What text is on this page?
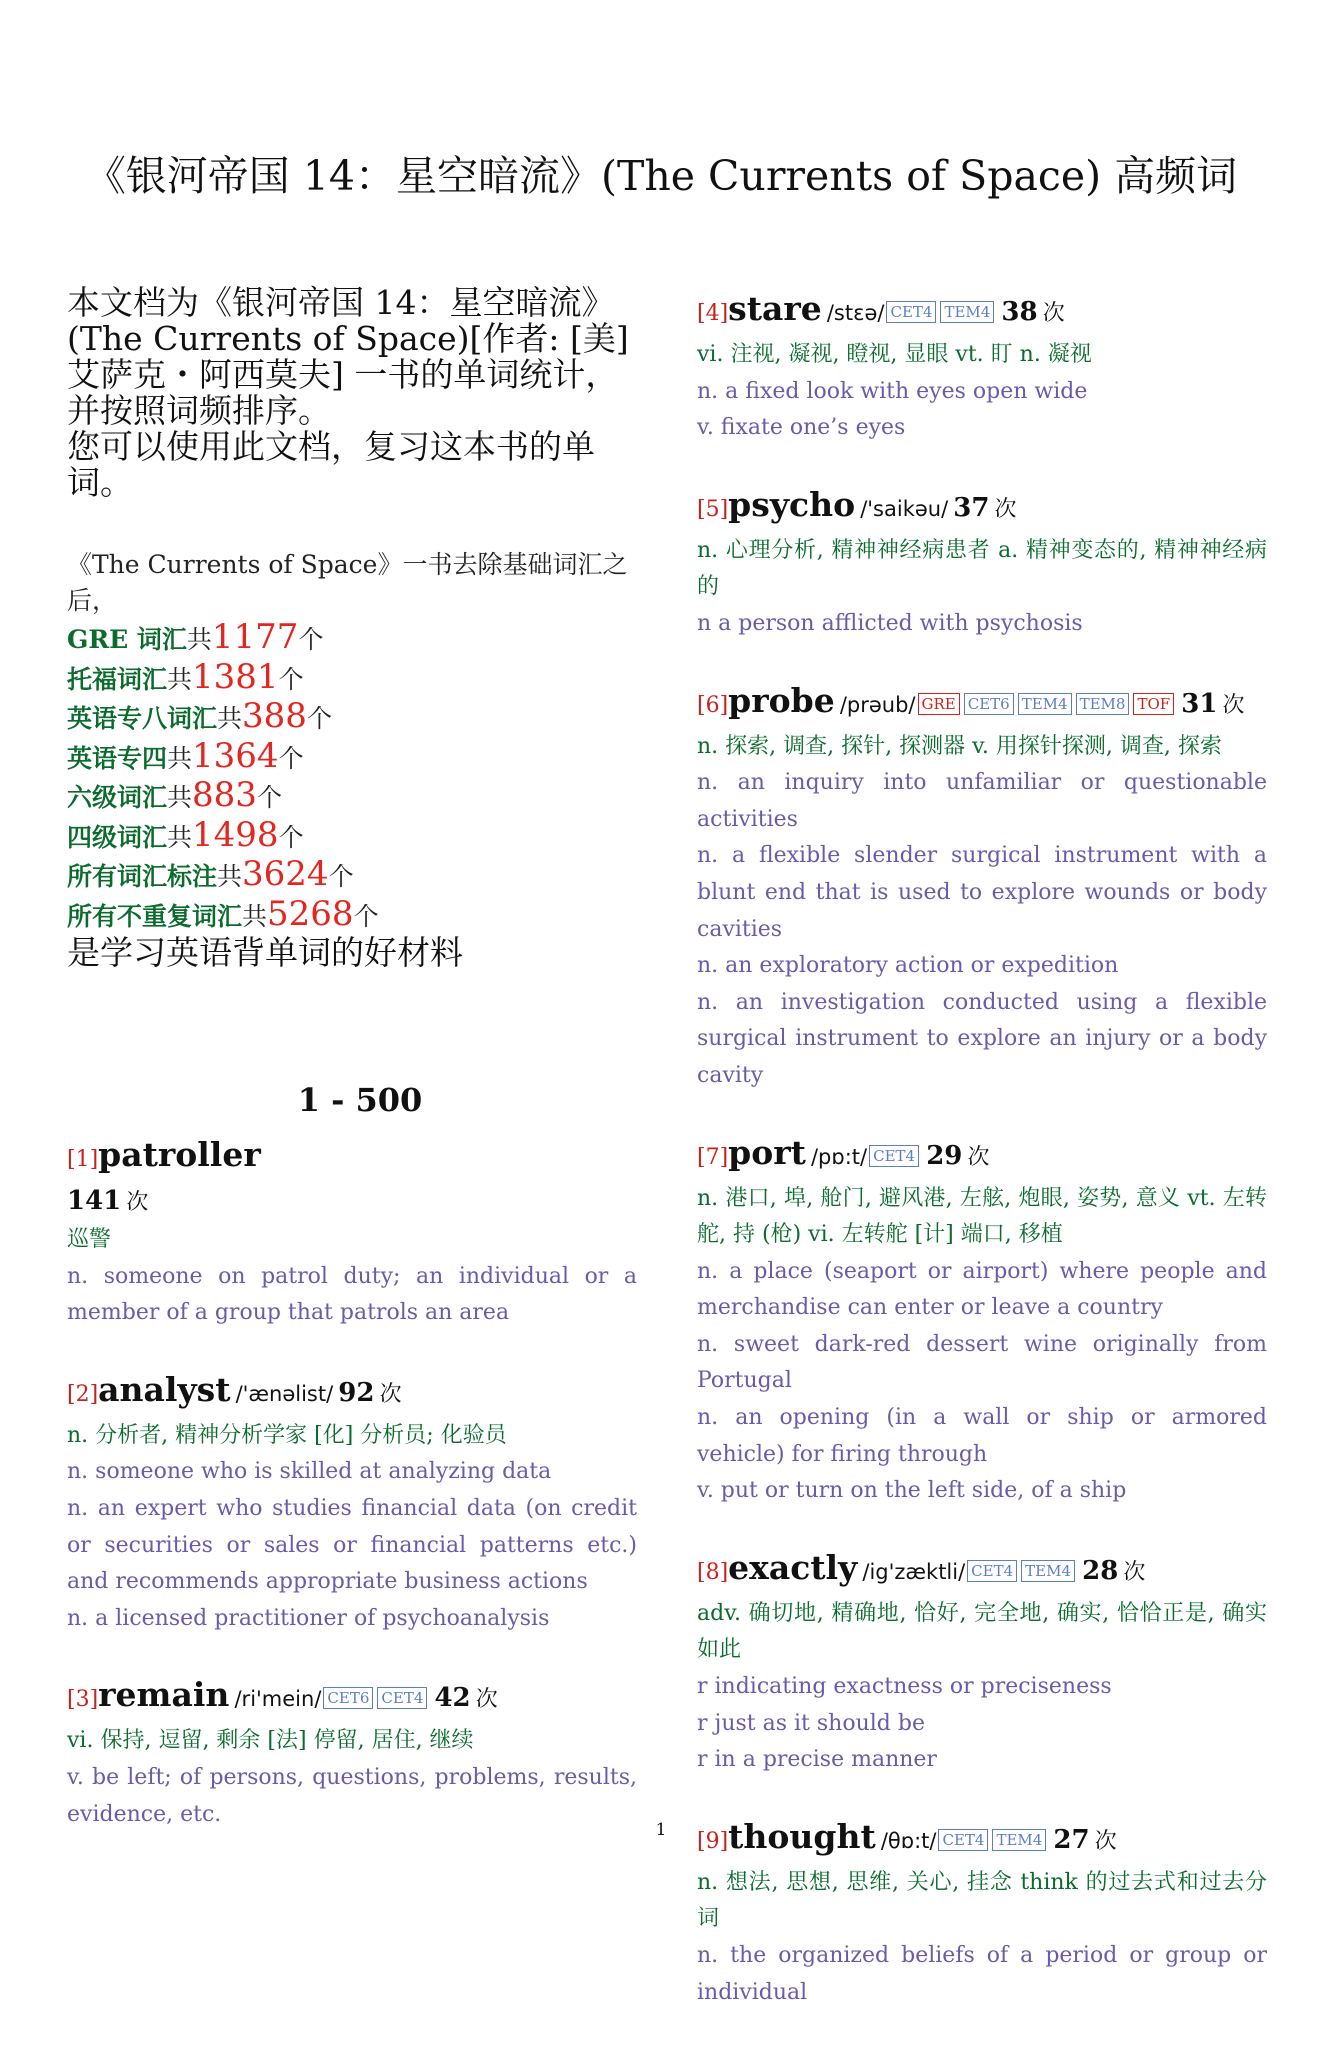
《银河帝国 14：星空暗流》(The Currents of Space) 高频词
本文档为《银河帝国 14：星空暗流》(The Currents of Space)[作者: [美] 艾萨克・阿西莫夫] 一书的单词统计，并按照词频排序。
您可以使用此文档，复习这本书的单词。
《The Currents of Space》一书去除基础词汇之后，
GRE 词汇共1177个
托福词汇共1381个
英语专八词汇共388个
英语专四共1364个
六级词汇共883个
四级词汇共1498个
所有词汇标注共3624个
所有不重复词汇共5268个
是学习英语背单词的好材料
1 - 500
[1]patroller
141 次
巡警
n. someone on patrol duty; an individual or a member of a group that patrols an area
[2]analyst /'ænəlist/ 92 次
n. 分析者, 精神分析学家 [化] 分析员; 化验员
n. someone who is skilled at analyzing data
n. an expert who studies financial data (on credit or securities or sales or financial patterns etc.) and recommends appropriate business actions
n. a licensed practitioner of psychoanalysis
[3]remain /ri'mein/ CET6 CET4 42 次
vi. 保持, 逗留, 剩余 [法] 停留, 居住, 继续
v. be left; of persons, questions, problems, results, evidence, etc.
[4]stare /stɛə/ CET4 TEM4 38 次
vi. 注视, 凝视, 瞪视, 显眼 vt. 盯 n. 凝视
n. a fixed look with eyes open wide
v. fixate one’s eyes
[5]psycho /'saikəu/ 37 次
n. 心理分析, 精神神经病患者 a. 精神变态的, 精神神经病的
n a person afflicted with psychosis
[6]probe /prəub/ GRE CET6 TEM4 TEM8 TOF 31 次
n. 探索, 调查, 探针, 探测器 v. 用探针探测, 调查, 探索
n. an inquiry into unfamiliar or questionable activities
n. a flexible slender surgical instrument with a blunt end that is used to explore wounds or body cavities
n. an exploratory action or expedition
n. an investigation conducted using a flexible surgical instrument to explore an injury or a body cavity
[7]port /pɒ:t/ CET4 29 次
n. 港口, 埠, 舱门, 避风港, 左舷, 炮眼, 姿势, 意义 vt. 左转舵, 持 (枪) vi. 左转舵 [计] 端口, 移植
n. a place (seaport or airport) where people and merchandise can enter or leave a country
n. sweet dark-red dessert wine originally from Portugal
n. an opening (in a wall or ship or armored vehicle) for firing through
v. put or turn on the left side, of a ship
[8]exactly /ig'zæktli/ CET4 TEM4 28 次
adv. 确切地, 精确地, 恰好, 完全地, 确实, 恰恰正是, 确实如此
r indicating exactness or preciseness
r just as it should be
r in a precise manner
[9]thought /θɒ:t/ CET4 TEM4 27 次
n. 想法, 思想, 思维, 关心, 挂念 think 的过去式和过去分词
n. the organized beliefs of a period or group or individual
1
